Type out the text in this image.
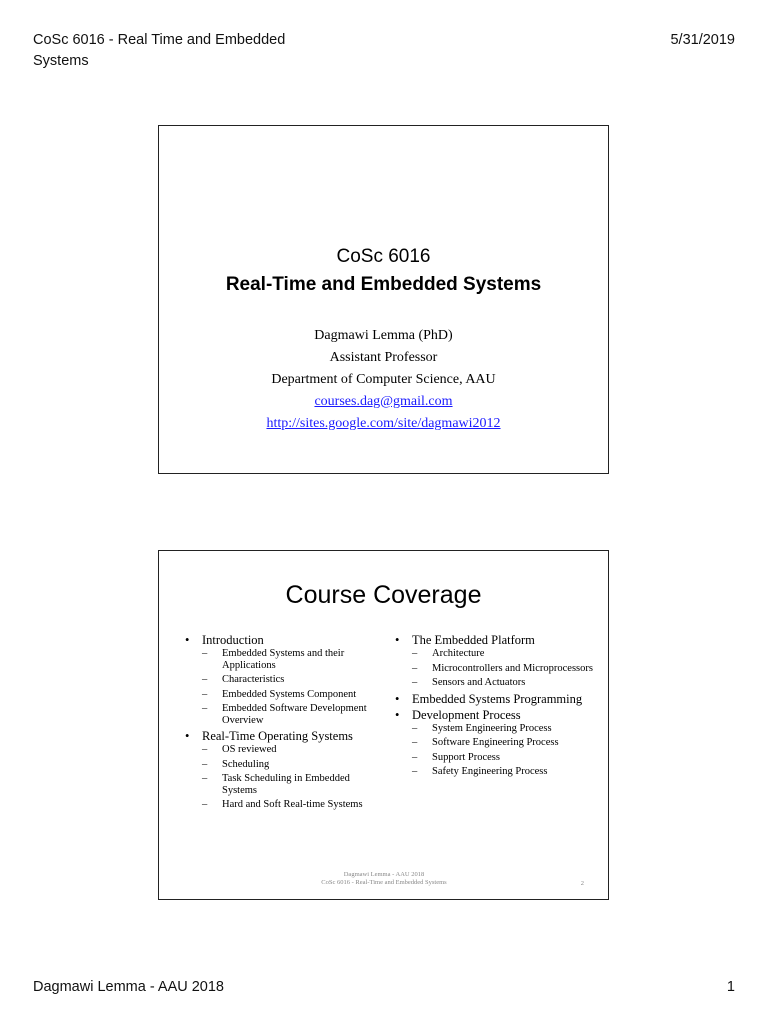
CoSc 6016 - Real Time and Embedded Systems
5/31/2019
CoSc 6016
Real-Time and Embedded Systems
Dagmawi Lemma (PhD)
Assistant Professor
Department of Computer Science, AAU
courses.dag@gmail.com
http://sites.google.com/site/dagmawi2012
Course Coverage
• Introduction
– Embedded Systems and their Applications
– Characteristics
– Embedded Systems Component
– Embedded Software Development Overview
• Real-Time Operating Systems
– OS reviewed
– Scheduling
– Task Scheduling in Embedded Systems
– Hard and Soft Real-time Systems
• The Embedded Platform
– Architecture
– Microcontrollers and Microprocessors
– Sensors and Actuators
• Embedded Systems Programming
• Development Process
– System Engineering Process
– Software Engineering Process
– Support Process
– Safety Engineering Process
Dagmawi Lemma - AAU 2018
CoSc 6016 - Real-Time and Embedded Systems	2
Dagmawi Lemma - AAU 2018	1
